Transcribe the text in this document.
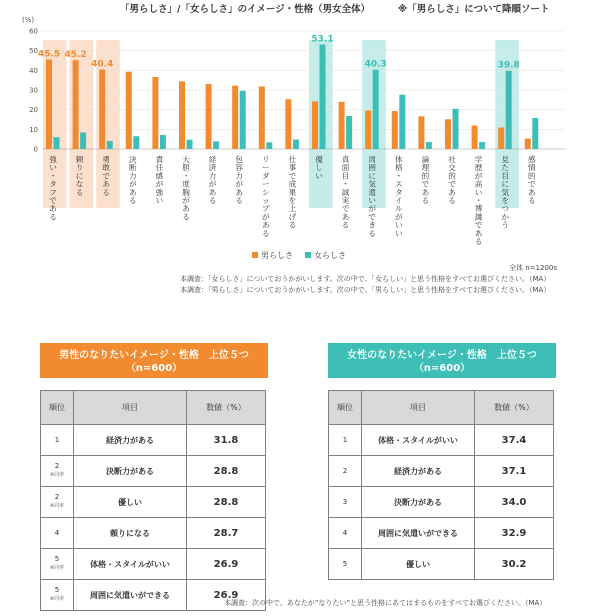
0
10
20
30
40
50
60
強い・タフである
頼りになる
勇敢である
決断力がある
責任感が強い
大胆・度胸がある
経済力がある
包容力がある
リーダーシップがある
仕事で成果を上げる
優しい
真面目・誠実である
周囲に気遣いができる
体格・スタイルがいい
論理的である
社交的である
学歴が高い・博識である
見た目に気をつかう
感情的である
45.5 45.2
40.4
53.1
40.3	39.8
「男らしさ」/「女らしさ」のイメージ・性格（男女全体）	※「男らしさ」について降順ソート
(%)
男らしさ	女らしさ
全体 n=1200s
本調査：「女らしさ」についておうかがいします。次の中で、「女らしい」と思う性格をすべてお選びください。（MA）
本調査：「男らしさ」についておうかがいします。次の中で、「男らしい」と思う性格をすべてお選びください。（MA）
男性のなりたいイメージ・性格　上位５つ
（n=600）
順位	項目	数値（%）
1	経済力がある	31.8
2
※同率	決断力がある	28.8
2
※同率	優しい	28.8
4	頼りになる	28.7
5
※同率	体格・スタイルがいい	26.9
5
※同率	周囲に気遣いができる	26.9
女性のなりたいイメージ・性格　上位５つ
（n=600）
順位	項目	数値（%）
1	体格・スタイルがいい	37.4
2	経済力がある	37.1
3	決断力がある	34.0
4	周囲に気遣いができる	32.9
5	優しい	30.2
本調査：次の中で、あなたが“なりたい”と思う性格にあてはまるものをすべてお選びください。（MA）
